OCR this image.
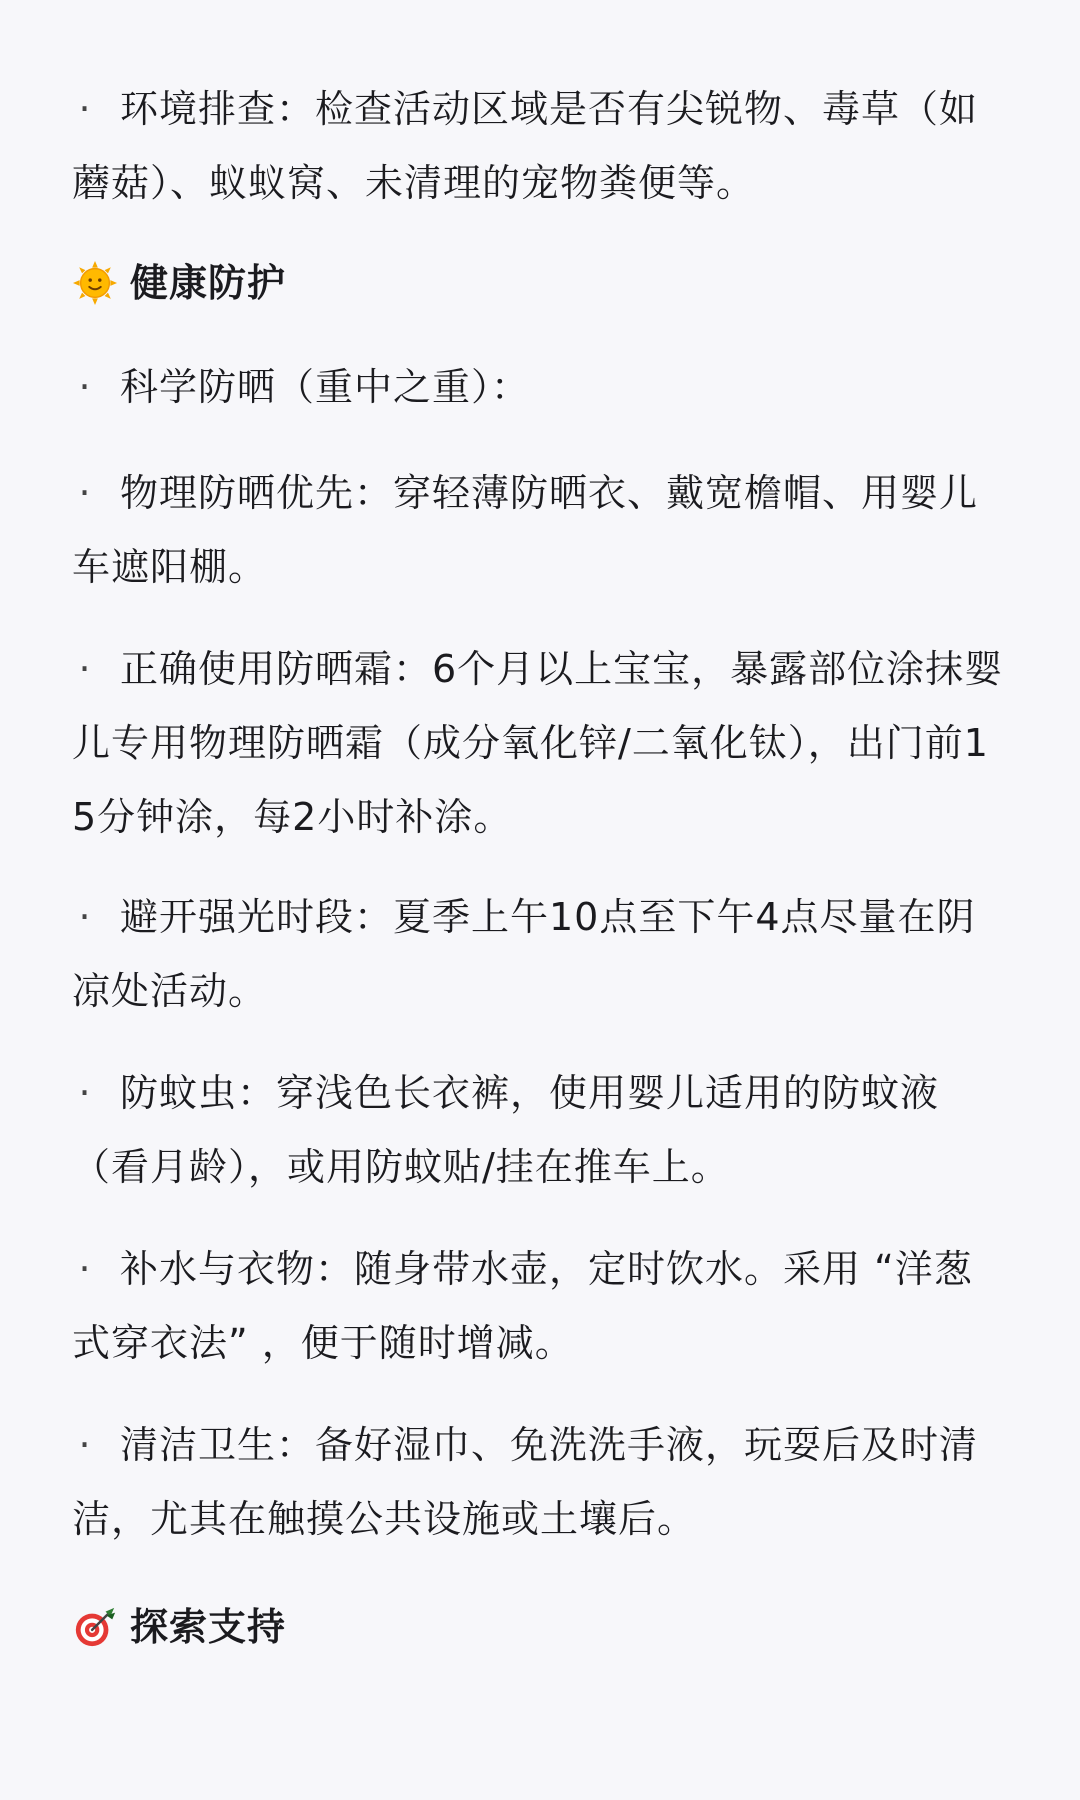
· 环境排查：检查活动区域是否有尖锐物、毒草（如蘑菇）、蚁蚁窝、未清理的宠物粪便等。

健康防护

· 科学防晒（重中之重）：

· 物理防晒优先：穿轻薄防晒衣、戴宽檐帽、用婴儿车遮阳棚。

· 正确使用防晒霜：6个月以上宝宝，暴露部位涂抹婴儿专用物理防晒霜（成分氧化锌/二氧化钛），出门前15分钟涂，每2小时补涂。

· 避开强光时段：夏季上午10点至下午4点尽量在阴凉处活动。

· 防蚊虫：穿浅色长衣裤，使用婴儿适用的防蚊液（看月龄），或用防蚊贴/挂在推车上。

· 补水与衣物：随身带水壶，定时饮水。采用 “洋葱式穿衣法” ，便于随时增减。

· 清洁卫生：备好湿巾、免洗洗手液，玩耍后及时清洁，尤其在触摸公共设施或土壤后。

探索支持
